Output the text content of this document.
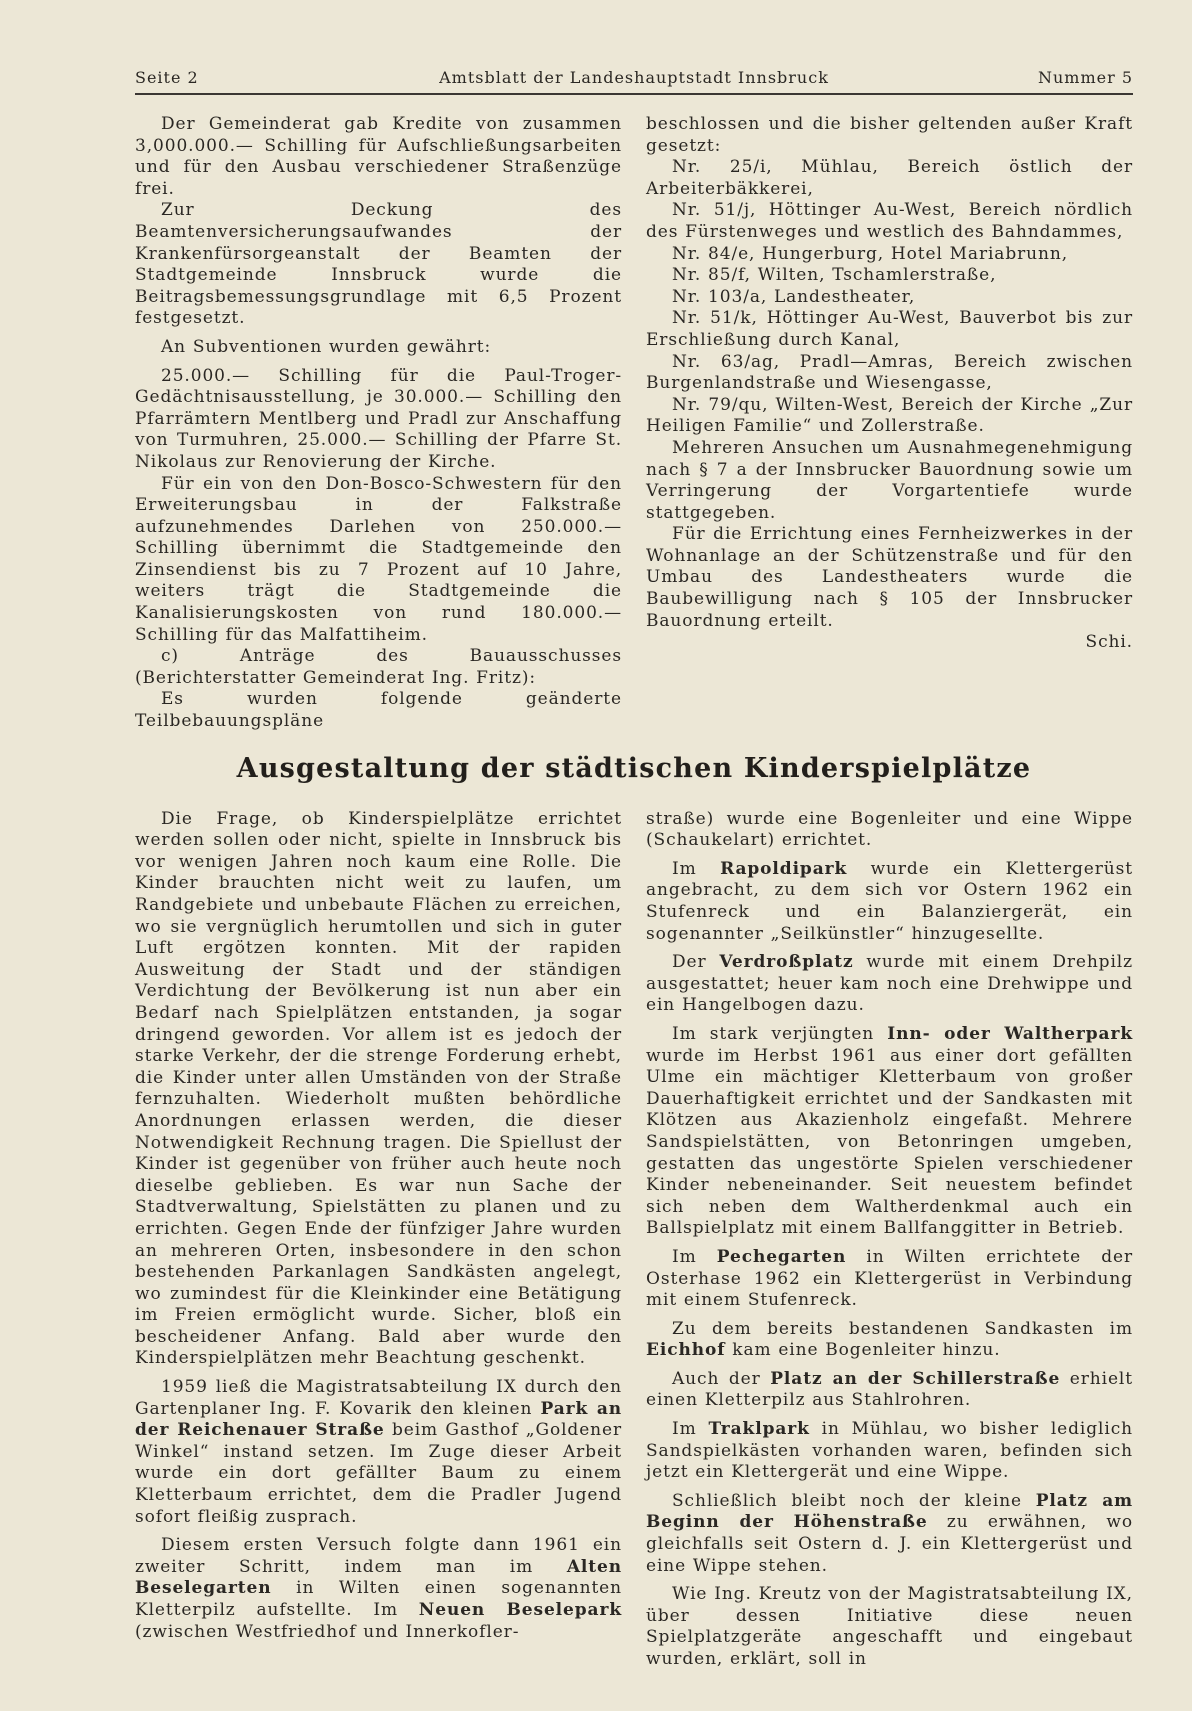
Seite 2	Amtsblatt der Landeshauptstadt Innsbruck	Nummer 5

Der Gemeinderat gab Kredite von zusammen 3,000.000.— Schilling für Aufschließungsarbeiten und für den Ausbau verschiedener Straßenzüge frei.

Zur Deckung des Beamtenversicherungsaufwandes der Krankenfürsorgeanstalt der Beamten der Stadtgemeinde Innsbruck wurde die Beitragsbemessungsgrundlage mit 6,5 Prozent festgesetzt.

An Subventionen wurden gewährt:

25.000.— Schilling für die Paul-Troger-Gedächtnisausstellung, je 30.000.— Schilling den Pfarrämtern Mentlberg und Pradl zur Anschaffung von Turmuhren, 25.000.— Schilling der Pfarre St. Nikolaus zur Renovierung der Kirche.

Für ein von den Don-Bosco-Schwestern für den Erweiterungsbau in der Falkstraße aufzunehmendes Darlehen von 250.000.— Schilling übernimmt die Stadtgemeinde den Zinsendienst bis zu 7 Prozent auf 10 Jahre, weiters trägt die Stadtgemeinde die Kanalisierungskosten von rund 180.000.— Schilling für das Malfattiheim.

c) Anträge des Bauausschusses (Berichterstatter Gemeinderat Ing. Fritz):

Es wurden folgende geänderte Teilbebauungspläne

beschlossen und die bisher geltenden außer Kraft gesetzt:

Nr. 25/i, Mühlau, Bereich östlich der Arbeiterbäkkerei,

Nr. 51/j, Höttinger Au-West, Bereich nördlich des Fürstenweges und westlich des Bahndammes,

Nr. 84/e, Hungerburg, Hotel Mariabrunn,

Nr. 85/f, Wilten, Tschamlerstraße,

Nr. 103/a, Landestheater,

Nr. 51/k, Höttinger Au-West, Bauverbot bis zur Erschließung durch Kanal,

Nr. 63/ag, Pradl—Amras, Bereich zwischen Burgenlandstraße und Wiesengasse,

Nr. 79/qu, Wilten-West, Bereich der Kirche „Zur Heiligen Familie“ und Zollerstraße.

Mehreren Ansuchen um Ausnahmegenehmigung nach § 7 a der Innsbrucker Bauordnung sowie um Verringerung der Vorgartentiefe wurde stattgegeben.

Für die Errichtung eines Fernheizwerkes in der Wohnanlage an der Schützenstraße und für den Umbau des Landestheaters wurde die Baubewilligung nach § 105 der Innsbrucker Bauordnung erteilt.

Schi.

Ausgestaltung der städtischen Kinderspielplätze

Die Frage, ob Kinderspielplätze errichtet werden sollen oder nicht, spielte in Innsbruck bis vor wenigen Jahren noch kaum eine Rolle. Die Kinder brauchten nicht weit zu laufen, um Randgebiete und unbebaute Flächen zu erreichen, wo sie vergnüglich herumtollen und sich in guter Luft ergötzen konnten. Mit der rapiden Ausweitung der Stadt und der ständigen Verdichtung der Bevölkerung ist nun aber ein Bedarf nach Spielplätzen entstanden, ja sogar dringend geworden. Vor allem ist es jedoch der starke Verkehr, der die strenge Forderung erhebt, die Kinder unter allen Umständen von der Straße fernzuhalten. Wiederholt mußten behördliche Anordnungen erlassen werden, die dieser Notwendigkeit Rechnung tragen. Die Spiellust der Kinder ist gegenüber von früher auch heute noch dieselbe geblieben. Es war nun Sache der Stadtverwaltung, Spielstätten zu planen und zu errichten. Gegen Ende der fünfziger Jahre wurden an mehreren Orten, insbesondere in den schon bestehenden Parkanlagen Sandkästen angelegt, wo zumindest für die Kleinkinder eine Betätigung im Freien ermöglicht wurde. Sicher, bloß ein bescheidener Anfang. Bald aber wurde den Kinderspielplätzen mehr Beachtung geschenkt.

1959 ließ die Magistratsabteilung IX durch den Gartenplaner Ing. F. Kovarik den kleinen Park an der Reichenauer Straße beim Gasthof „Goldener Winkel“ instand setzen. Im Zuge dieser Arbeit wurde ein dort gefällter Baum zu einem Kletterbaum errichtet, dem die Pradler Jugend sofort fleißig zusprach.

Diesem ersten Versuch folgte dann 1961 ein zweiter Schritt, indem man im Alten Beselegarten in Wilten einen sogenannten Kletterpilz aufstellte. Im Neuen Beselepark (zwischen Westfriedhof und Innerkofler-

straße) wurde eine Bogenleiter und eine Wippe (Schaukelart) errichtet.

Im Rapoldipark wurde ein Klettergerüst angebracht, zu dem sich vor Ostern 1962 ein Stufenreck und ein Balanziergerät, ein sogenannter „Seilkünstler“ hinzugesellte.

Der Verdroßplatz wurde mit einem Drehpilz ausgestattet; heuer kam noch eine Drehwippe und ein Hangelbogen dazu.

Im stark verjüngten Inn- oder Waltherpark wurde im Herbst 1961 aus einer dort gefällten Ulme ein mächtiger Kletterbaum von großer Dauerhaftigkeit errichtet und der Sandkasten mit Klötzen aus Akazienholz eingefaßt. Mehrere Sandspielstätten, von Betonringen umgeben, gestatten das ungestörte Spielen verschiedener Kinder nebeneinander. Seit neuestem befindet sich neben dem Waltherdenkmal auch ein Ballspielplatz mit einem Ballfanggitter in Betrieb.

Im Pechegarten in Wilten errichtete der Osterhase 1962 ein Klettergerüst in Verbindung mit einem Stufenreck.

Zu dem bereits bestandenen Sandkasten im Eichhof kam eine Bogenleiter hinzu.

Auch der Platz an der Schillerstraße erhielt einen Kletterpilz aus Stahlrohren.

Im Traklpark in Mühlau, wo bisher lediglich Sandspielkästen vorhanden waren, befinden sich jetzt ein Klettergerät und eine Wippe.

Schließlich bleibt noch der kleine Platz am Beginn der Höhenstraße zu erwähnen, wo gleichfalls seit Ostern d. J. ein Klettergerüst und eine Wippe stehen.

Wie Ing. Kreutz von der Magistratsabteilung IX, über dessen Initiative diese neuen Spielplatzgeräte angeschafft und eingebaut wurden, erklärt, soll in
